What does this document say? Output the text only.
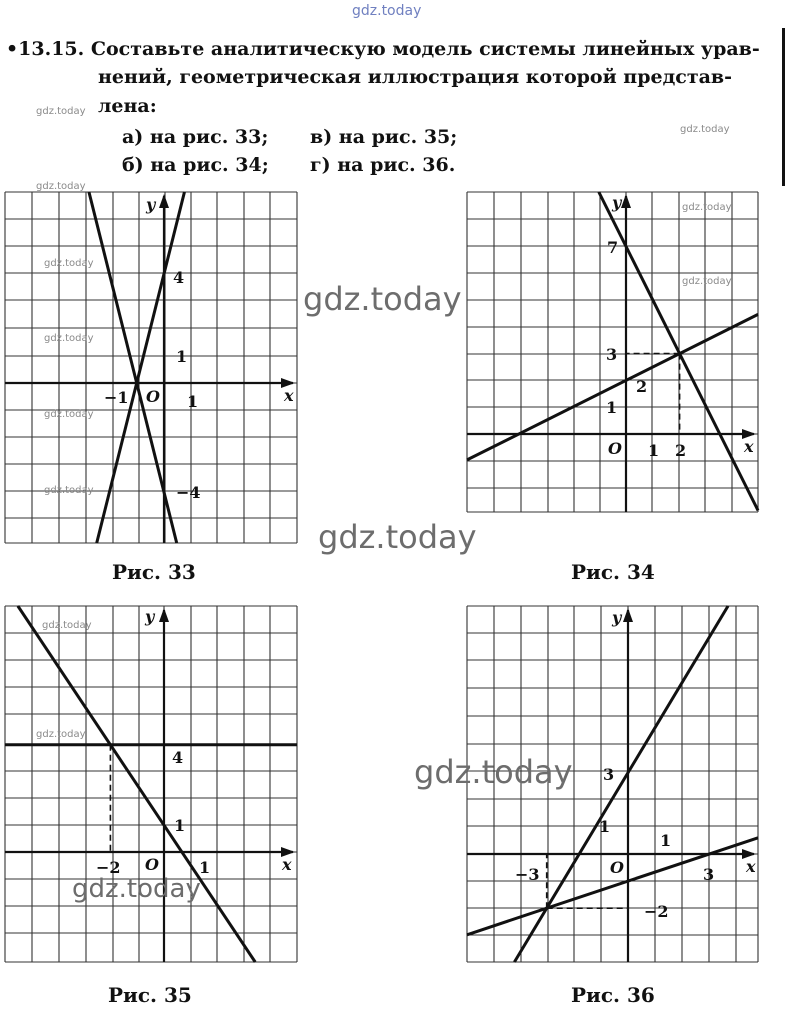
gdz.today
gdz.today
gdz.today
gdz.today
•13.15. Составьте аналитическую модель системы линейных урав-
нений, геометрическая иллюстрация которой представ-
лена:
а) на рис. 33; в) на рис. 35;
б) на рис. 34; г) на рис. 36.
y
x
O
4
1
−1	1
−4
y
x
O
7
3
2
1
1 2
y
x
O
4
1
−2	1
y
x
O
3
1
1
−3	3
−2
Рис. 33	Рис. 34
Рис. 35	Рис. 36
gdz.today
gdz.today
gdz.today
gdz.today
gdz.today
gdz.today
gdz.today
gdz.today
gdz.today
gdz.today
gdz.today
gdz.today
